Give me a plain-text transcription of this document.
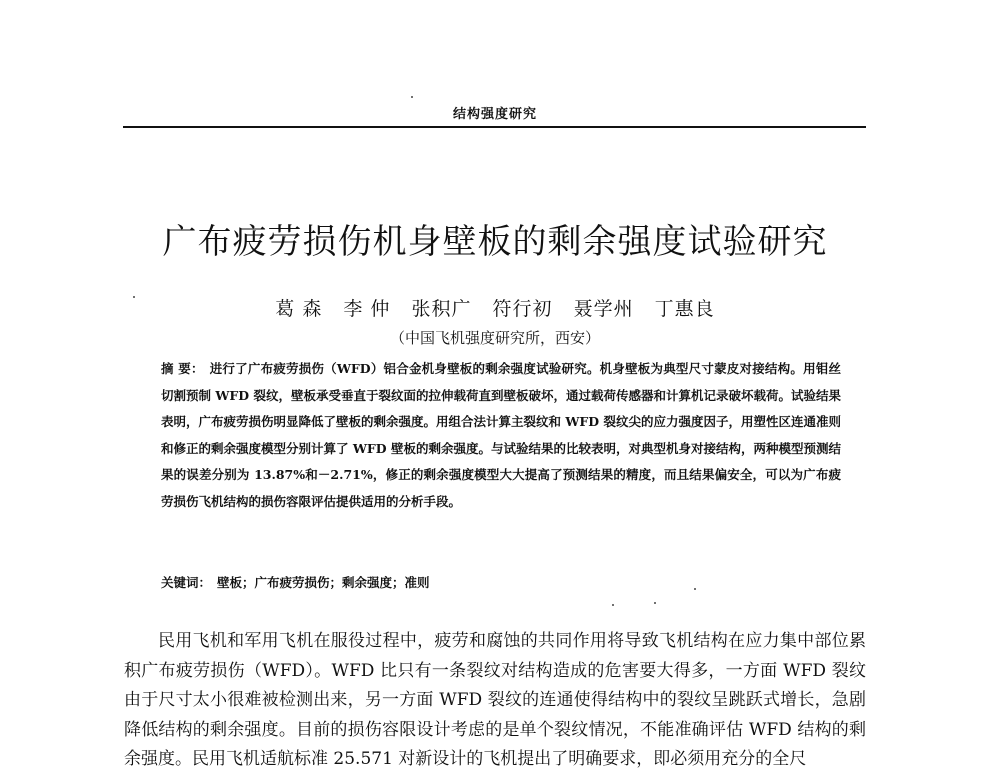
结构强度研究
广布疲劳损伤机身壁板的剩余强度试验研究
葛 森 李 仲 张积广 符行初 聂学州 丁惠良
（中国飞机强度研究所，西安）
摘 要： 进行了广布疲劳损伤（WFD）铝合金机身壁板的剩余强度试验研究。机身壁板为典型尺寸蒙皮对接结构。用钼丝切割预制 WFD 裂纹，壁板承受垂直于裂纹面的拉伸载荷直到壁板破坏，通过载荷传感器和计算机记录破坏载荷。试验结果表明，广布疲劳损伤明显降低了壁板的剩余强度。用组合法计算主裂纹和 WFD 裂纹尖的应力强度因子，用塑性区连通准则和修正的剩余强度模型分别计算了 WFD 壁板的剩余强度。与试验结果的比较表明，对典型机身对接结构，两种模型预测结果的误差分别为 13.87%和－2.71%，修正的剩余强度模型大大提高了预测结果的精度，而且结果偏安全，可以为广布疲劳损伤飞机结构的损伤容限评估提供适用的分析手段。
关键词： 壁板；广布疲劳损伤；剩余强度；准则
民用飞机和军用飞机在服役过程中，疲劳和腐蚀的共同作用将导致飞机结构在应力集中部位累积广布疲劳损伤（WFD）。WFD 比只有一条裂纹对结构造成的危害要大得多，一方面 WFD 裂纹由于尺寸太小很难被检测出来，另一方面 WFD 裂纹的连通使得结构中的裂纹呈跳跃式增长，急剧降低结构的剩余强度。目前的损伤容限设计考虑的是单个裂纹情况，不能准确评估 WFD 结构的剩余强度。民用飞机适航标准 25.571 对新设计的飞机提出了明确要求，即必须用充分的全尺
